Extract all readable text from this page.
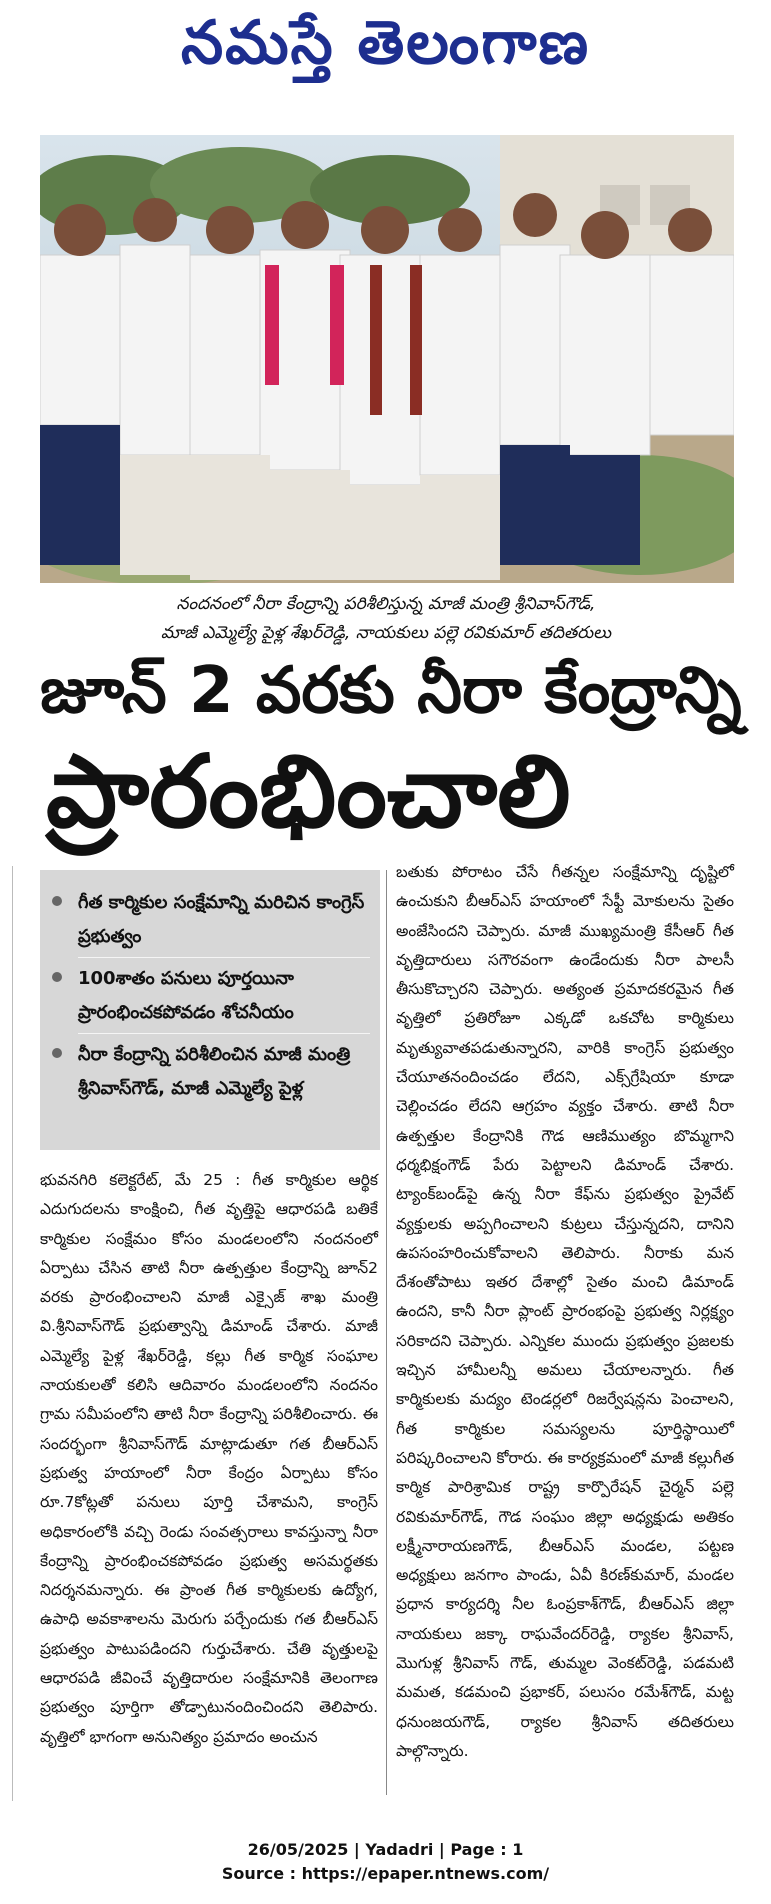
నమస్తే తెలంగాణ
నందనంలో నీరా కేంద్రాన్ని పరిశీలిస్తున్న మాజీ మంత్రి శ్రీనివాస్‌గౌడ్‌,
మాజీ ఎమ్మెల్యే పైళ్ల శేఖర్‌రెడ్డి, నాయకులు పల్లె రవికుమార్‌ తదితరులు
జూన్‌ 2 వరకు నీరా కేంద్రాన్ని
ప్రారంభించాలి
గీత కార్మికుల సంక్షేమాన్ని మరిచిన కాంగ్రెస్‌ ప్రభుత్వం
100శాతం పనులు పూర్తయినా ప్రారంభించకపోవడం శోచనీయం
నీరా కేంద్రాన్ని పరిశీలించిన మాజీ మంత్రి శ్రీనివాస్‌గౌడ్‌, మాజీ ఎమ్మెల్యే పైళ్ల

భువనగిరి కలెక్టరేట్‌, మే 25 : గీత కార్మికుల ఆర్థిక ఎదుగుదలను కాంక్షించి, గీత వృత్తిపై ఆధారపడి బతికే కార్మికుల సంక్షేమం కోసం మండలంలోని నందనంలో ఏర్పాటు చేసిన తాటి నీరా ఉత్పత్తుల కేంద్రాన్ని జూన్‌2 వరకు ప్రారంభించాలని మాజీ ఎక్సైజ్‌ శాఖ మంత్రి వి.శ్రీనివాస్‌గౌడ్‌ ప్రభుత్వాన్ని డిమాండ్‌ చేశారు. మాజీ ఎమ్మెల్యే పైళ్ల శేఖర్‌రెడ్డి, కల్లు గీత కార్మిక సంఘాల నాయకులతో కలిసి ఆదివారం మండలంలోని నందనం గ్రామ సమీపంలోని తాటి నీరా కేంద్రాన్ని పరిశీలించారు. ఈ సందర్భంగా శ్రీనివాస్‌గౌడ్‌ మాట్లాడుతూ గత బీఆర్‌ఎస్‌ ప్రభుత్వ హయాంలో నీరా కేంద్రం ఏర్పాటు కోసం రూ.7కోట్లతో పనులు పూర్తి చేశామని, కాంగ్రెస్‌ అధికారంలోకి వచ్చి రెండు సంవత్సరాలు కావస్తున్నా నీరా కేంద్రాన్ని ప్రారంభించకపోవడం ప్రభుత్వ అసమర్థతకు నిదర్శనమన్నారు. ఈ ప్రాంత గీత కార్మికులకు ఉద్యోగ, ఉపాధి అవకాశాలను మెరుగు పర్చేందుకు గత బీఆర్‌ఎస్‌ ప్రభుత్వం పాటుపడిందని గుర్తుచేశారు. చేతి వృత్తులపై ఆధారపడి జీవించే వృత్తిదారుల సంక్షేమానికి తెలంగాణ ప్రభుత్వం పూర్తిగా తోడ్పాటునందించిందని తెలిపారు. వృత్తిలో భాగంగా అనునిత్యం ప్రమాదం అంచున

బతుకు పోరాటం చేసే గీతన్నల సంక్షేమాన్ని దృష్టిలో ఉంచుకుని బీఆర్‌ఎస్‌ హయాంలో సేఫ్టీ మోకులను సైతం అంజేసిందని చెప్పారు. మాజీ ముఖ్యమంత్రి కేసీఆర్‌ గీత వృత్తిదారులు సగౌరవంగా ఉండేందుకు నీరా పాలసీ తీసుకొచ్చారని చెప్పారు. అత్యంత ప్రమాదకరమైన గీత వృత్తిలో ప్రతిరోజూ ఎక్కడో ఒకచోట కార్మికులు మృత్యువాతపడుతున్నారని, వారికి కాంగ్రెస్‌ ప్రభుత్వం చేయూతనందించడం లేదని, ఎక్స్‌గ్రేషియా కూడా చెల్లించడం లేదని ఆగ్రహం వ్యక్తం చేశారు. తాటి నీరా ఉత్పత్తుల కేంద్రానికి గౌడ ఆణిముత్యం బొమ్మగాని ధర్మభిక్షంగౌడ్‌ పేరు పెట్టాలని డిమాండ్‌ చేశారు. ట్యాంక్‌బండ్‌పై ఉన్న నీరా కేఫ్‌ను ప్రభుత్వం ప్రైవేట్‌ వ్యక్తులకు అప్పగించాలని కుట్రలు చేస్తున్నదని, దానిని ఉపసంహరించుకోవాలని తెలిపారు. నీరాకు మన దేశంతోపాటు ఇతర దేశాల్లో సైతం మంచి డిమాండ్‌ ఉందని, కానీ నీరా ప్లాంట్‌ ప్రారంభంపై ప్రభుత్వ నిర్లక్ష్యం సరికాదని చెప్పారు. ఎన్నికల ముందు ప్రభుత్వం ప్రజలకు ఇచ్చిన హామీలన్నీ అమలు చేయాలన్నారు. గీత కార్మికులకు మద్యం టెండర్లలో రిజర్వేషన్లను పెంచాలని, గీత కార్మికుల సమస్యలను పూర్తిస్థాయిలో పరిష్కరించాలని కోరారు. ఈ కార్యక్రమంలో మాజీ కల్లుగీత కార్మిక పారిశ్రామిక రాష్ట్ర కార్పొరేషన్‌ చైర్మన్‌ పల్లె రవికుమార్‌గౌడ్‌, గౌడ సంఘం జిల్లా అధ్యక్షుడు అతికం లక్ష్మీనారాయణగౌడ్‌, బీఆర్‌ఎస్‌ మండల, పట్టణ అధ్యక్షులు జనగాం పాండు, ఏవీ కిరణ్‌కుమార్‌, మండల ప్రధాన కార్యదర్శి నీల ఓంప్రకాశ్‌గౌడ్‌, బీఆర్‌ఎస్‌ జిల్లా నాయకులు జక్కా రాఘవేందర్‌రెడ్డి, ర్యాకల శ్రీనివాస్‌, మొగుళ్ల శ్రీనివాస్‌ గౌడ్‌, తుమ్మల వెంకట్‌రెడ్డి, పడమటి మమత, కడమంచి ప్రభాకర్‌, పలుసం రమేశ్‌గౌడ్‌, మట్ట ధనుంజయగౌడ్‌, ర్యాకల శ్రీనివాస్‌ తదితరులు పాల్గొన్నారు.

26/05/2025 | Yadadri | Page : 1
Source : https://epaper.ntnews.com/
